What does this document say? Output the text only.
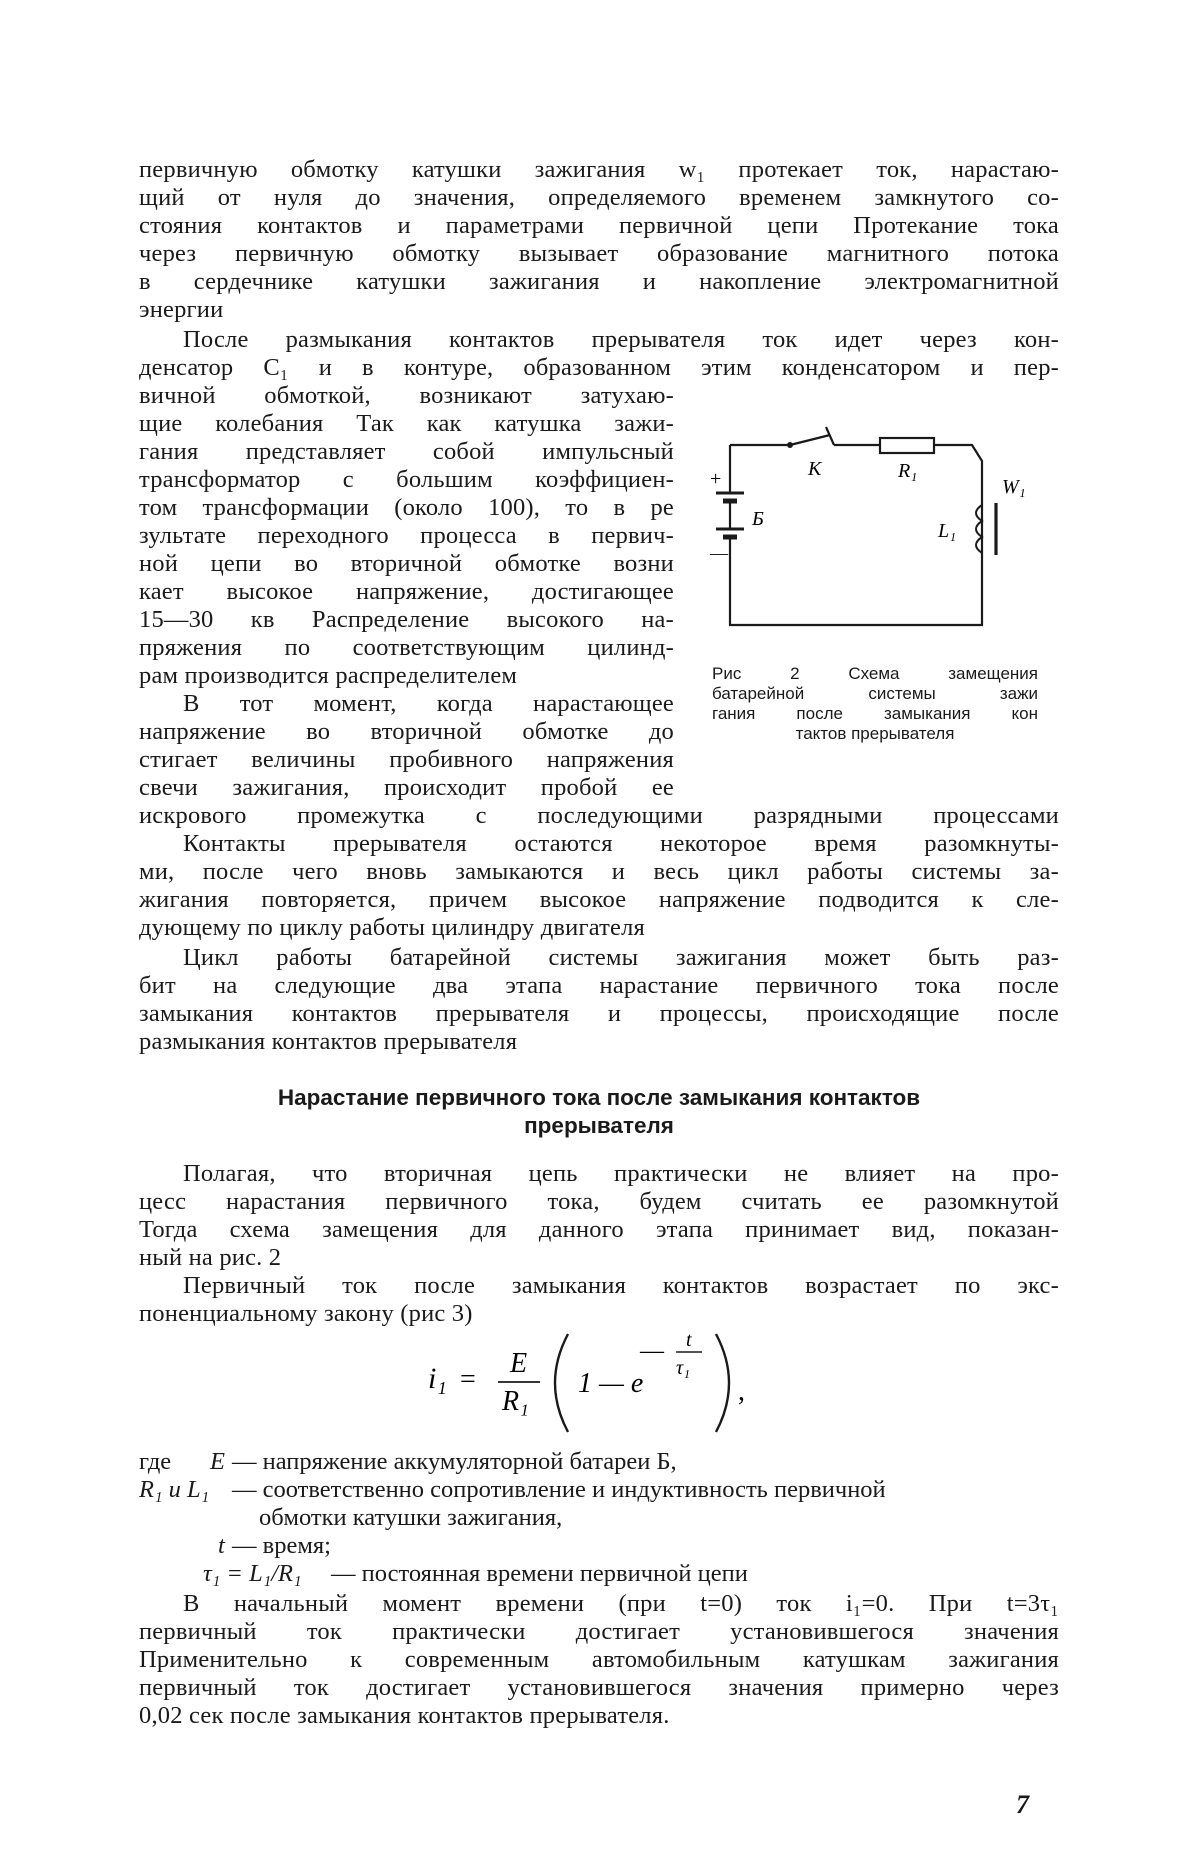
первичную обмотку катушки зажигания w₁ протекает ток, нарастаю-
щий от нуля до значения, определяемого временем замкнутого со-
стояния контактов и параметрами первичной цепи Протекание тока
через первичную обмотку вызывает образование магнитного потока
в сердечнике катушки зажигания и накопление электромагнитной
энергии
После размыкания контактов прерывателя ток идет через кон-
денсатор C₁ и в контуре, образованном этим конденсатором и пер-
вичной обмоткой, возникают затухаю-
щие колебания Так как катушка зажи-
гания представляет собой импульсный
трансформатор с большим коэффициен-
том трансформации (около 100), то в ре
зультате переходного процесса в первич-
ной цепи во вторичной обмотке возни
кает высокое напряжение, достигающее
15—30 кв Распределение высокого на-
пряжения по соответствующим цилинд-
рам производится распределителем
В тот момент, когда нарастающее
напряжение во вторичной обмотке до
стигает величины пробивного напряжения
свечи зажигания, происходит пробой ее
искрового промежутка с последующими разрядными процессами
Контакты прерывателя остаются некоторое время разомкнуты-
ми, после чего вновь замыкаются и весь цикл работы системы за-
жигания повторяется, причем высокое напряжение подводится к сле-
дующему по циклу работы цилиндру двигателя
Цикл работы батарейной системы зажигания может быть раз-
бит на следующие два этапа нарастание первичного тока после
замыкания контактов прерывателя и процессы, происходящие после
размыкания контактов прерывателя
Нарастание первичного тока после замыкания контактов
прерывателя
Полагая, что вторичная цепь практически не влияет на про-
цесс нарастания первичного тока, будем считать ее разомкнутой
Тогда схема замещения для данного этапа принимает вид, показан-
ный на рис. 2
Первичный ток после замыкания контактов возрастает по экс-
поненциальному закону (рис 3)
i₁ =
E
R₁
1 — e
— t
τ₁
,
где E — напряжение аккумуляторной батареи Б,
R₁ и L₁ — соответственно сопротивление и индуктивность первичной
обмотки катушки зажигания,
t — время;
τ₁ = L₁/R₁ — постоянная времени первичной цепи
В начальный момент времени (при t=0) ток i₁=0. При t=3τ₁
первичный ток практически достигает установившегося значения
Применительно к современным автомобильным катушкам зажигания
первичный ток достигает установившегося значения примерно через
0,02 сек после замыкания контактов прерывателя.
К	R₁
+
—
Б
L₁
W₁
Рис 2 Схема замещения
батарейной системы зажи
гания после замыкания кон
тактов прерывателя
7
